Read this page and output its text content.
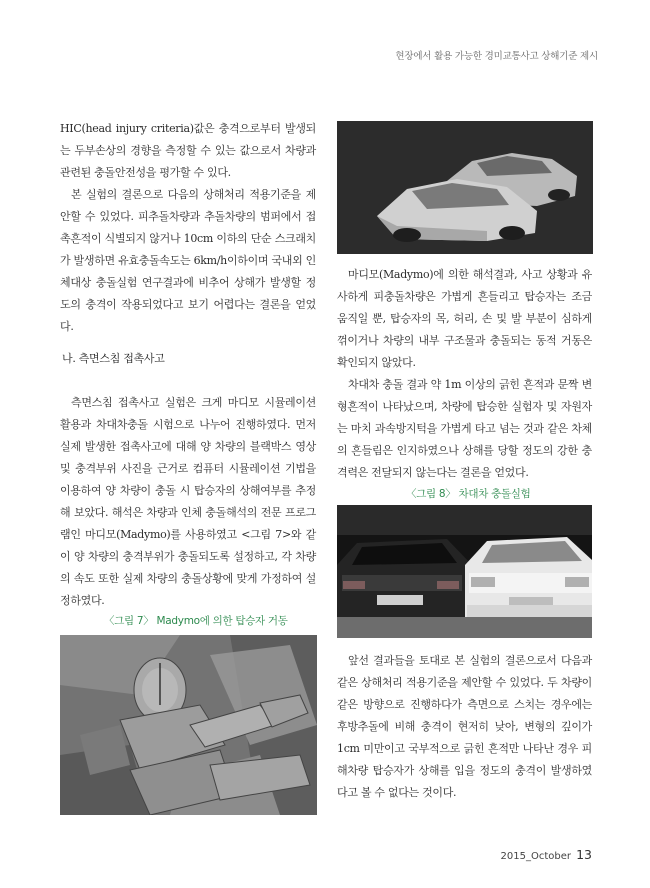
현장에서 활용 가능한 경미교통사고 상해기준 제시

HIC(head injury criteria)값은 충격으로부터 발생되는 두부손상의 경향을 측정할 수 있는 값으로서 차량과 관련된 충돌안전성을 평가할 수 있다.

본 실험의 결론으로 다음의 상해처리 적용기준을 제안할 수 있었다. 피추돌차량과 추돌차량의 범퍼에서 접촉흔적이 식별되지 않거나 10cm 이하의 단순 스크래치가 발생하면 유효충돌속도는 6km/h이하이며 국내외 인체대상 충돌실험 연구결과에 비추어 상해가 발생할 정도의 충격이 작용되었다고 보기 어렵다는 결론을 얻었다.

나. 측면스침 접촉사고

측면스침 접촉사고 실험은 크게 마디모 시뮬레이션 활용과 차대차충돌 시험으로 나누어 진행하였다. 먼저 실제 발생한 접촉사고에 대해 양 차량의 블랙박스 영상 및 충격부위 사진을 근거로 컴퓨터 시뮬레이션 기법을 이용하여 양 차량이 충돌 시 탑승자의 상해여부를 추정해 보았다. 해석은 차량과 인체 충돌해석의 전문 프로그램인 마디모(Madymo)를 사용하였고 <그림 7>와 같이 양 차량의 충격부위가 충돌되도록 설정하고, 각 차량의 속도 또한 실제 차량의 충돌상황에 맞게 가정하여 설정하였다.

〈그림 7〉 Madymo에 의한 탑승자 거동

마디모(Madymo)에 의한 해석결과, 사고 상황과 유사하게 피충돌차량은 가볍게 흔들리고 탑승자는 조금 움직일 뿐, 탑승자의 목, 허리, 손 및 발 부분이 심하게 꺾이거나 차량의 내부 구조물과 충돌되는 동적 거동은 확인되지 않았다.

차대차 충돌 결과 약 1m 이상의 긁힌 흔적과 문짝 변형흔적이 나타났으며, 차량에 탑승한 실험자 및 자원자는 마치 과속방지턱을 가볍게 타고 넘는 것과 같은 차체의 흔들림은 인지하였으나 상해를 당할 정도의 강한 충격력은 전달되지 않는다는 결론을 얻었다.

〈그림 8〉 차대차 충돌실험

앞선 결과들을 토대로 본 실험의 결론으로서 다음과 같은 상해처리 적용기준을 제안할 수 있었다. 두 차량이 같은 방향으로 진행하다가 측면으로 스치는 경우에는 후방추돌에 비해 충격이 현저히 낮아, 변형의 깊이가 1cm 미만이고 국부적으로 긁힌 흔적만 나타난 경우 피해차량 탑승자가 상해를 입을 정도의 충격이 발생하였다고 볼 수 없다는 것이다.

2015_October 13
